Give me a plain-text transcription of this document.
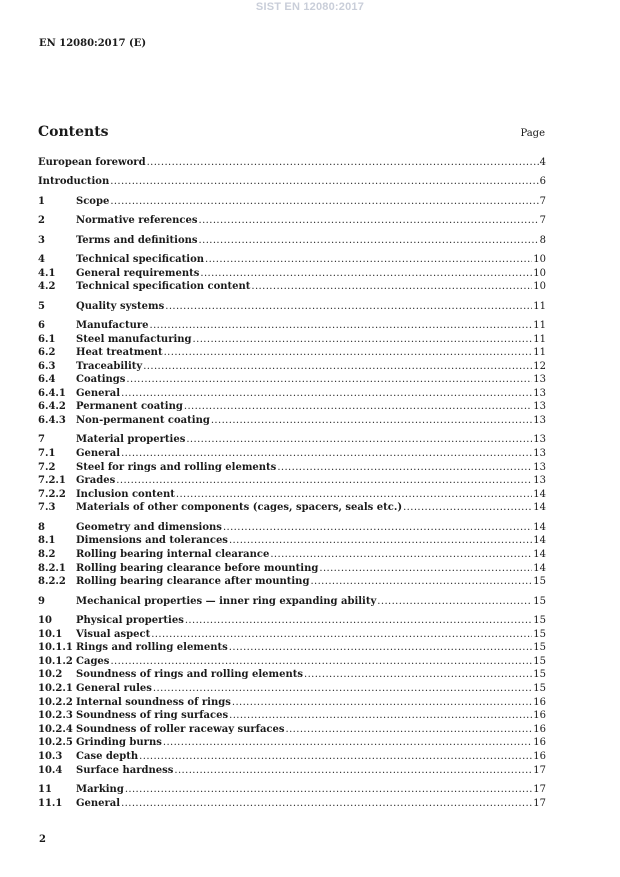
SIST EN 12080:2017
EN 12080:2017 (E)
Contents	Page
European foreword .....	4
Introduction .....	6
1	Scope .....	7
2	Normative references .....	7
3	Terms and definitions .....	8
4	Technical specification .....	10
4.1	General requirements .....	10
4.2	Technical specification content .....	10
5	Quality systems .....	11
6	Manufacture .....	11
6.1	Steel manufacturing .....	11
6.2	Heat treatment .....	11
6.3	Traceability .....	12
6.4	Coatings .....	13
6.4.1	General .....	13
6.4.2	Permanent coating .....	13
6.4.3	Non-permanent coating .....	13
7	Material properties .....	13
7.1	General .....	13
7.2	Steel for rings and rolling elements .....	13
7.2.1	Grades .....	13
7.2.2	Inclusion content .....	14
7.3	Materials of other components (cages, spacers, seals etc.) .....	14
8	Geometry and dimensions .....	14
8.1	Dimensions and tolerances .....	14
8.2	Rolling bearing internal clearance .....	14
8.2.1	Rolling bearing clearance before mounting .....	14
8.2.2	Rolling bearing clearance after mounting .....	15
9	Mechanical properties — inner ring expanding ability .....	15
10	Physical properties .....	15
10.1	Visual aspect .....	15
10.1.1 Rings and rolling elements .....	15
10.1.2 Cages .....	15
10.2	Soundness of rings and rolling elements .....	15
10.2.1 General rules .....	15
10.2.2 Internal soundness of rings .....	16
10.2.3 Soundness of ring surfaces .....	16
10.2.4 Soundness of roller raceway surfaces .....	16
10.2.5 Grinding burns .....	16
10.3	Case depth .....	16
10.4	Surface hardness .....	17
11	Marking .....	17
11.1	General .....	17
2
